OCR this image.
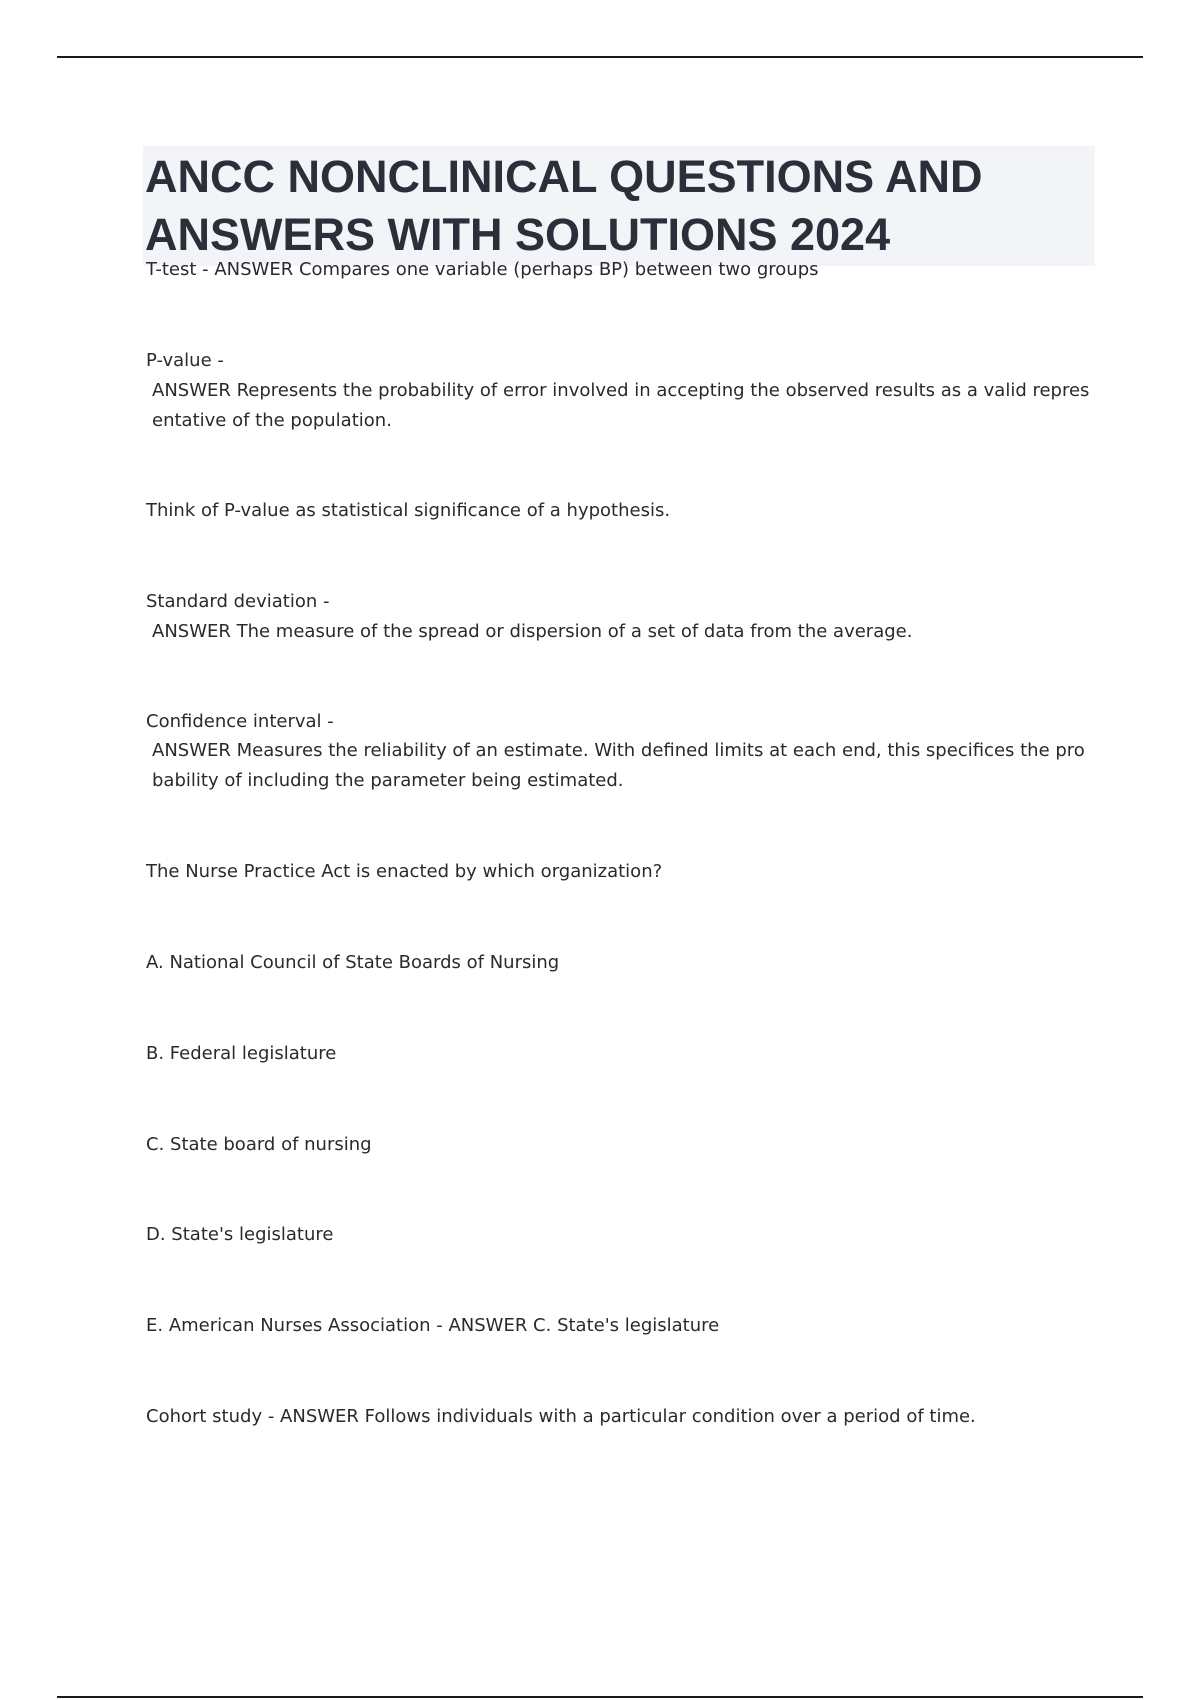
ANCC NONCLINICAL QUESTIONS AND ANSWERS WITH SOLUTIONS 2024
T-test - ANSWER Compares one variable (perhaps BP) between two groups
P-value -
ANSWER Represents the probability of error involved in accepting the observed results as a valid representative of the population.
Think of P-value as statistical significance of a hypothesis.
Standard deviation -
ANSWER The measure of the spread or dispersion of a set of data from the average.
Confidence interval -
ANSWER Measures the reliability of an estimate. With defined limits at each end, this specifices the probability of including the parameter being estimated.
The Nurse Practice Act is enacted by which organization?
A. National Council of State Boards of Nursing
B. Federal legislature
C. State board of nursing
D. State's legislature
E. American Nurses Association - ANSWER C. State's legislature
Cohort study - ANSWER Follows individuals with a particular condition over a period of time.
